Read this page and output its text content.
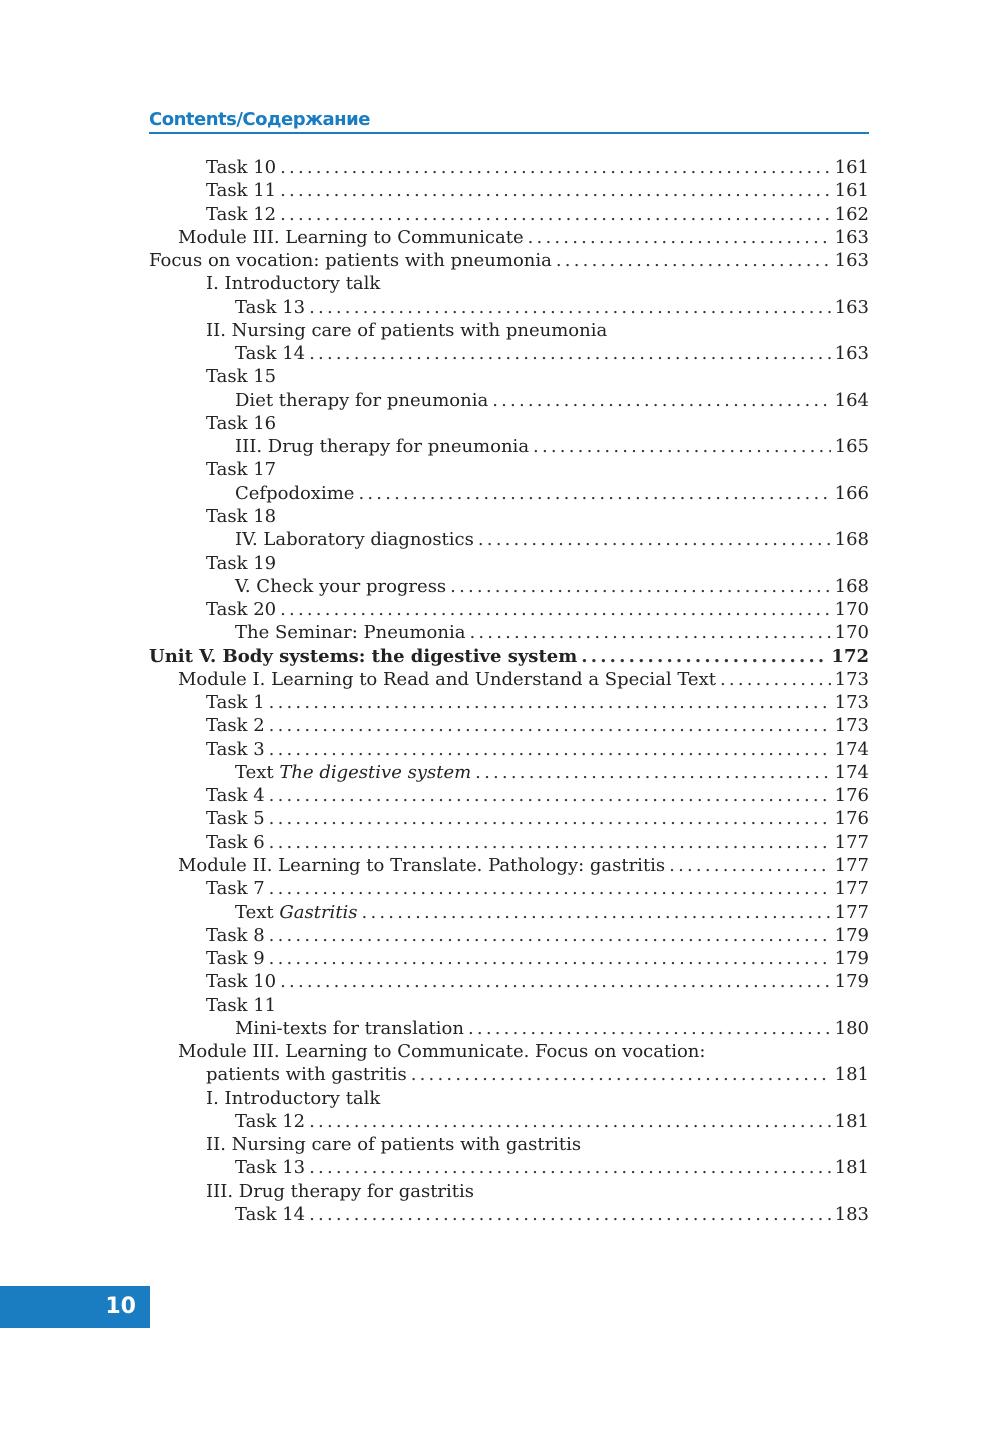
Contents/Содержание
Task 10 .....	161
Task 11 .....	161
Task 12 .....	162
Module III. Learning to Communicate .....	163
Focus on vocation: patients with pneumonia .....	163
I. Introductory talk
Task 13 .....	163
II. Nursing care of patients with pneumonia
Task 14 .....	163
Task 15
Diet therapy for pneumonia .....	164
Task 16
III. Drug therapy for pneumonia .....	165
Task 17
Cefpodoxime .....	166
Task 18
IV. Laboratory diagnostics .....	168
Task 19
V. Check your progress .....	168
Task 20 .....	170
The Seminar: Pneumonia .....	170
Unit V. Body systems: the digestive system .....	172
Module I. Learning to Read and Understand a Special Text .....	173
Task 1 .....	173
Task 2 .....	173
Task 3 .....	174
Text The digestive system .....	174
Task 4 .....	176
Task 5 .....	176
Task 6 .....	177
Module II. Learning to Translate. Pathology: gastritis .....	177
Task 7 .....	177
Text Gastritis .....	177
Task 8 .....	179
Task 9 .....	179
Task 10 .....	179
Task 11
Mini-texts for translation .....	180
Module III. Learning to Communicate. Focus on vocation:
patients with gastritis .....	181
I. Introductory talk
Task 12 .....	181
II. Nursing care of patients with gastritis
Task 13 .....	181
III. Drug therapy for gastritis
Task 14 .....	183
10
